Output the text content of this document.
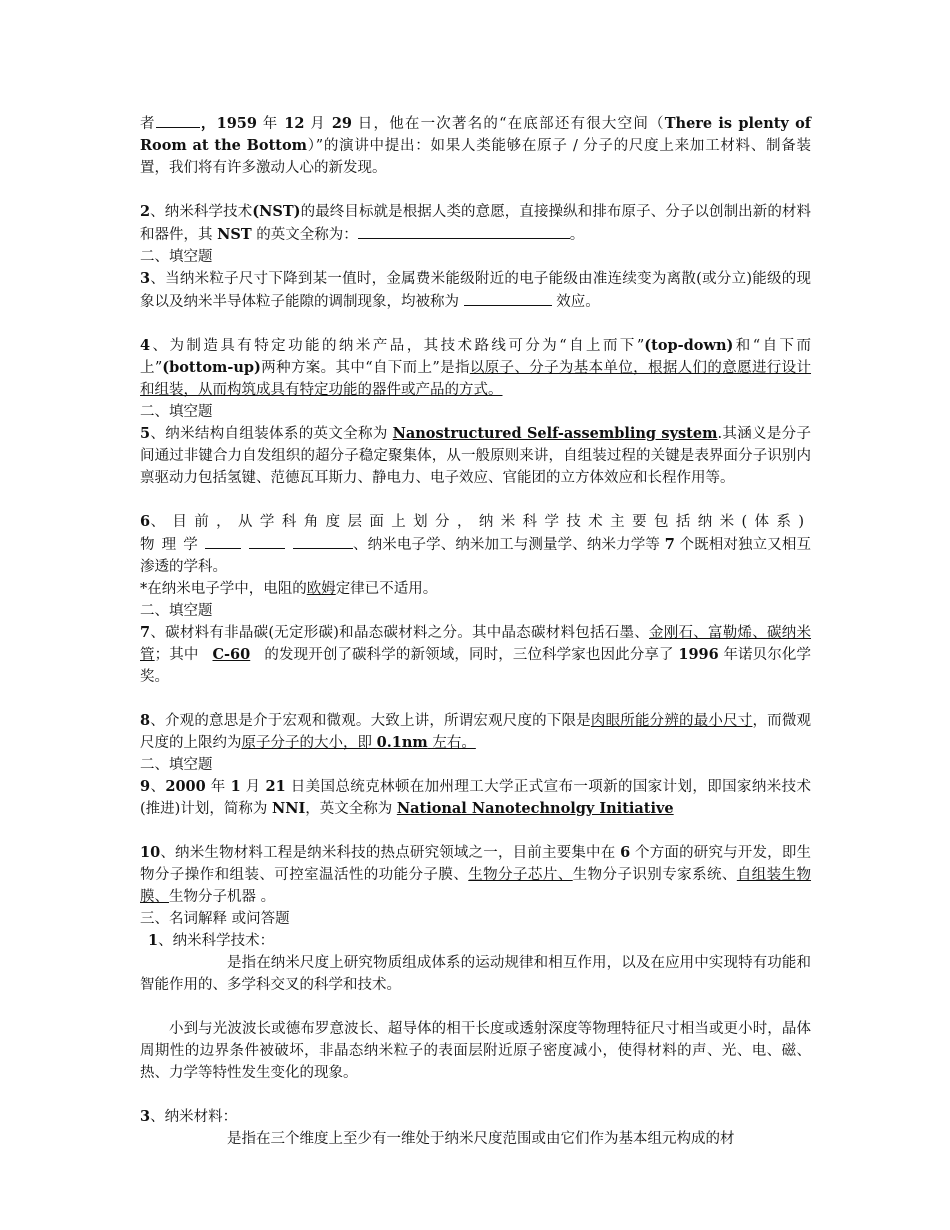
者	，1959 年 12 月 29 日，他在一次著名的“在底部还有很大空间（There is plenty of Room at the Bottom）”的演讲中提出：如果人类能够在原子 / 分子的尺度上来加工材料、制备装置，我们将有许多激动人心的新发现。

2、纳米科学技术(NST)的最终目标就是根据人类的意愿，直接操纵和排布原子、分子以创制出新的材料和器件，其 NST 的英文全称为：	。

二、填空题

3、当纳米粒子尺寸下降到某一值时，金属费米能级附近的电子能级由准连续变为离散(或分立)能级的现象以及纳米半导体粒子能隙的调制现象，均被称为	效应。

4、为制造具有特定功能的纳米产品，其技术路线可分为“自上而下”(top-down)和“自下而上”(bottom-up)两种方案。其中“自下而上”是指以原子、分子为基本单位，根据人们的意愿进行设计和组装，从而构筑成具有特定功能的器件或产品的方式。

二、填空题

5、纳米结构自组装体系的英文全称为 Nanostructured Self-assembling system.其涵义是分子间通过非键合力自发组织的超分子稳定聚集体，从一般原则来讲，自组装过程的关键是表界面分子识别内禀驱动力包括氢键、范德瓦耳斯力、静电力、电子效应、官能团的立方体效应和长程作用等。

6、目前，从学科角度层面上划分，纳米科学技术主要包括纳米(体系)物理学	、纳米电子学、纳米加工与测量学、纳米力学等 7 个既相对独立又相互渗透的学科。

*在纳米电子学中，电阻的欧姆定律已不适用。

二、填空题

7、碳材料有非晶碳(无定形碳)和晶态碳材料之分。其中晶态碳材料包括石墨、金刚石、富勒烯、碳纳米管；其中 C-60 的发现开创了碳科学的新领域，同时，三位科学家也因此分享了 1996 年诺贝尔化学奖。

8、介观的意思是介于宏观和微观。大致上讲，所谓宏观尺度的下限是肉眼所能分辨的最小尺寸，而微观尺度的上限约为原子分子的大小，即 0.1nm 左右。

二、填空题

9、2000 年 1 月 21 日美国总统克林顿在加州理工大学正式宣布一项新的国家计划，即国家纳米技术(推进)计划，简称为 NNI，英文全称为 National Nanotechnolgy Initiative

10、纳米生物材料工程是纳米科技的热点研究领域之一，目前主要集中在 6 个方面的研究与开发，即生物分子操作和组装、可控室温活性的功能分子膜、生物分子芯片、生物分子识别专家系统、自组装生物膜、生物分子机器 。

三、名词解释 或问答题

1、纳米科学技术：

是指在纳米尺度上研究物质组成体系的运动规律和相互作用，以及在应用中实现特有功能和智能作用的、多学科交叉的科学和技术。

小到与光波波长或德布罗意波长、超导体的相干长度或透射深度等物理特征尺寸相当或更小时，晶体周期性的边界条件被破坏，非晶态纳米粒子的表面层附近原子密度减小，使得材料的声、光、电、磁、热、力学等特性发生变化的现象。

3、纳米材料：

是指在三个维度上至少有一维处于纳米尺度范围或由它们作为基本组元构成的材
